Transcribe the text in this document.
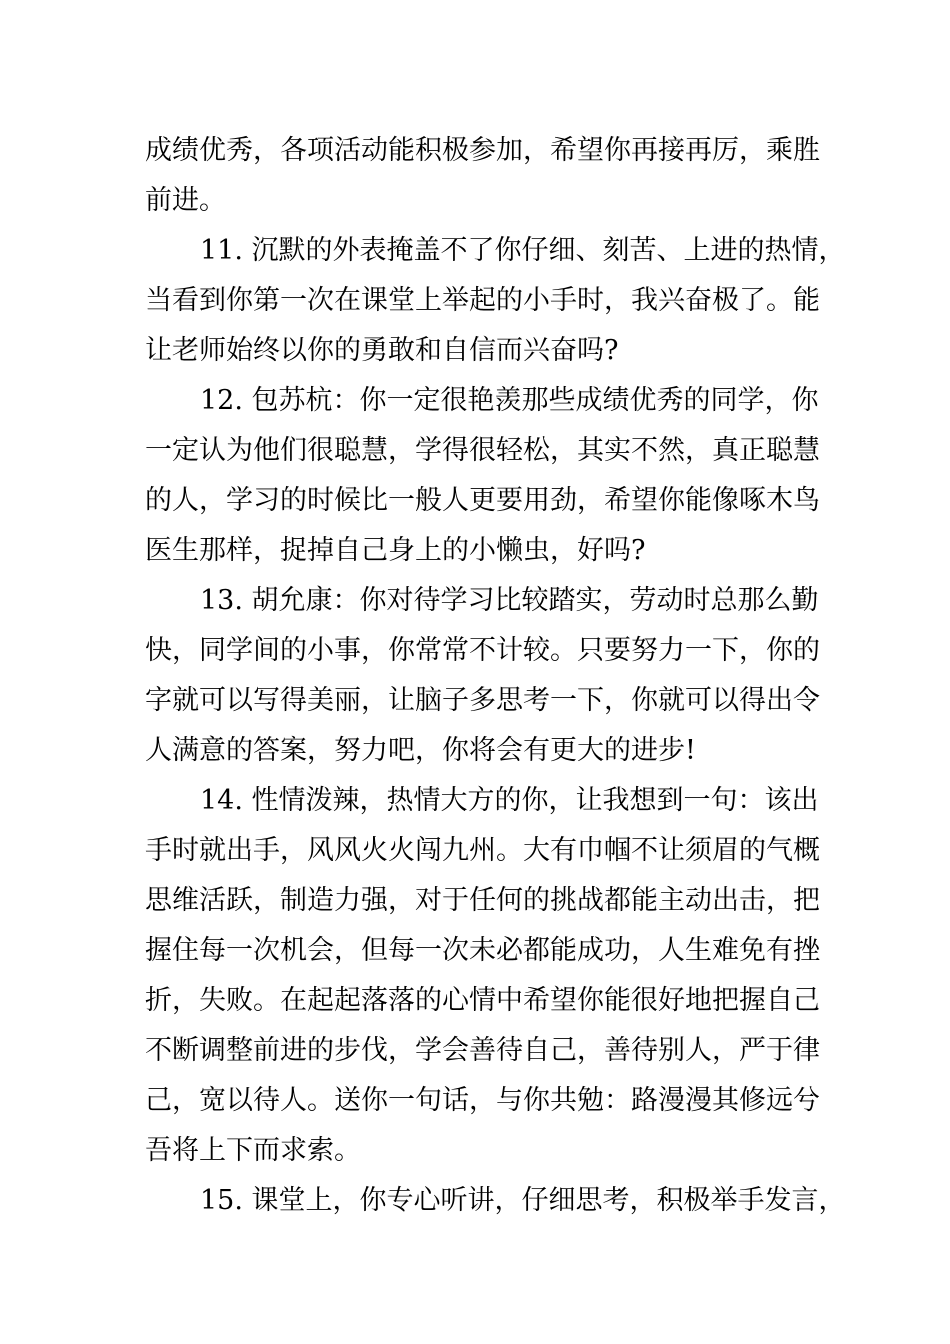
成绩优秀，各项活动能积极参加，希望你再接再厉，乘胜
前进。
11. 沉默的外表掩盖不了你仔细、刻苦、上进的热情，
当看到你第一次在课堂上举起的小手时，我兴奋极了。能
让老师始终以你的勇敢和自信而兴奋吗?
12. 包苏杭：你一定很艳羡那些成绩优秀的同学，你
一定认为他们很聪慧，学得很轻松，其实不然，真正聪慧
的人，学习的时候比一般人更要用劲，希望你能像啄木鸟
医生那样，捉掉自己身上的小懒虫，好吗?
13. 胡允康：你对待学习比较踏实，劳动时总那么勤
快，同学间的小事，你常常不计较。只要努力一下，你的
字就可以写得美丽，让脑子多思考一下，你就可以得出令
人满意的答案，努力吧，你将会有更大的进步!
14. 性情泼辣，热情大方的你，让我想到一句：该出
手时就出手，风风火火闯九州。大有巾帼不让须眉的气概
思维活跃，制造力强，对于任何的挑战都能主动出击，把
握住每一次机会，但每一次未必都能成功，人生难免有挫
折，失败。在起起落落的心情中希望你能很好地把握自己
不断调整前进的步伐，学会善待自己，善待别人，严于律
己，宽以待人。送你一句话，与你共勉：路漫漫其修远兮
吾将上下而求索。
15. 课堂上，你专心听讲，仔细思考，积极举手发言，
